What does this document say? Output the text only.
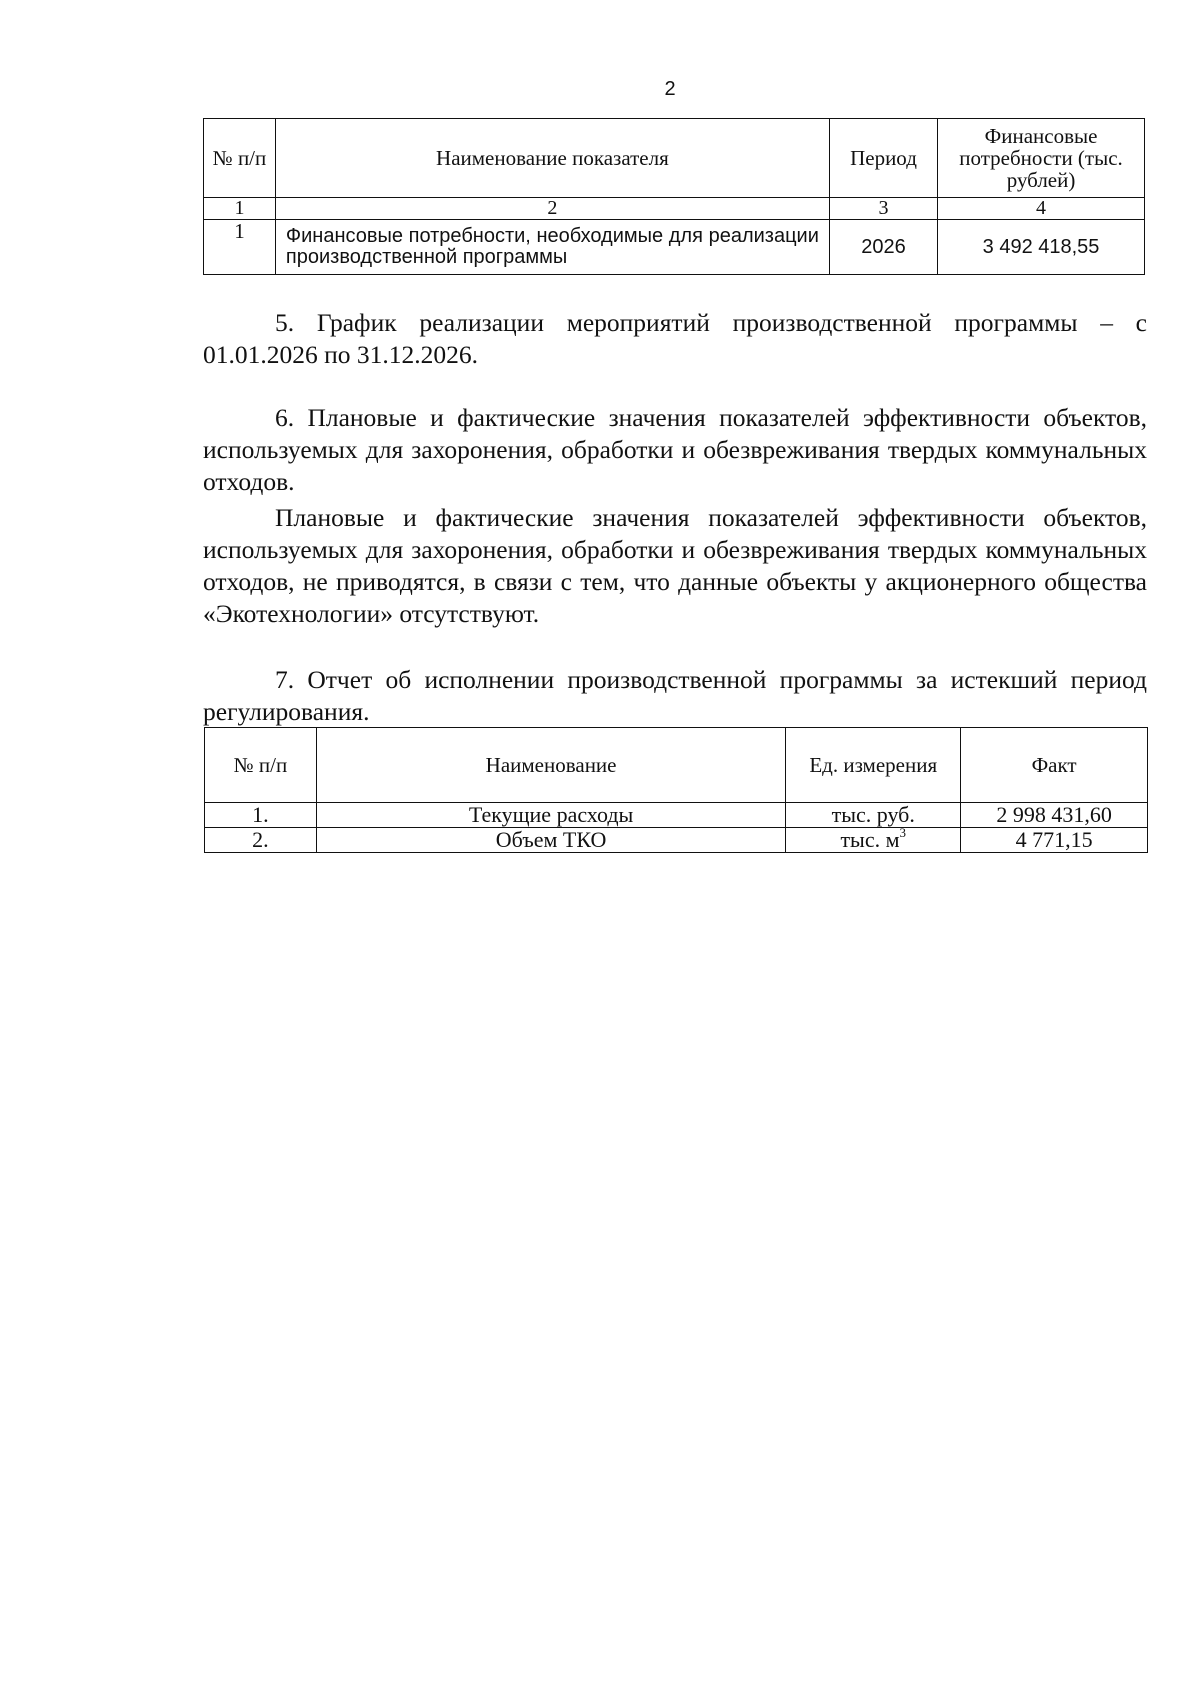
2
№ п/п	Наименование показателя	Период	Финансовые потребности (тыс. рублей)
1	2	3	4
1	Финансовые потребности, необходимые для реализации производственной программы	2026	3 492 418,55

5. График реализации мероприятий производственной программы – с 01.01.2026 по 31.12.2026.

6. Плановые и фактические значения показателей эффективности объектов, используемых для захоронения, обработки и обезвреживания твердых коммунальных отходов.

Плановые и фактические значения показателей эффективности объектов, используемых для захоронения, обработки и обезвреживания твердых коммунальных отходов, не приводятся, в связи с тем, что данные объекты у акционерного общества «Экотехнологии» отсутствуют.

7. Отчет об исполнении производственной программы за истекший период регулирования.

№ п/п	Наименование	Ед. измерения	Факт
1.	Текущие расходы	тыс. руб.	2 998 431,60
2.	Объем ТКО	тыс. $м^3$	4 771,15
